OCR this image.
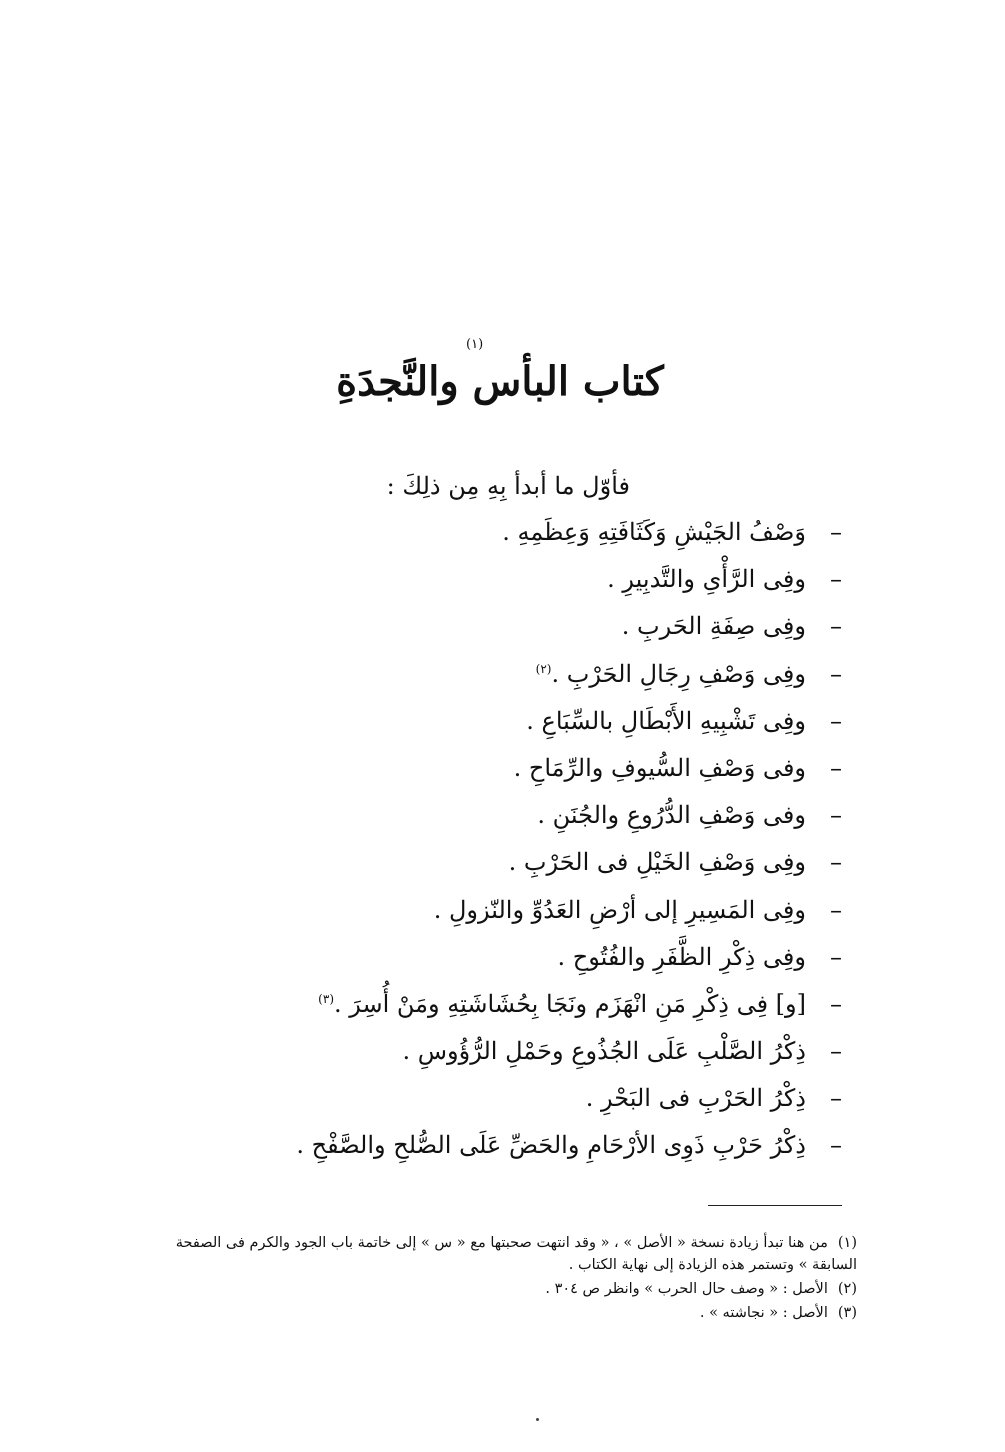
(١)
كتاب البأس والنَّجدَةِ
فأوّل ما أبدأ بِهِ مِن ذلِكَ :
–وَصْفُ الجَيْشِ وَكَثَافَتِهِ وَعِظَمِهِ .
–وفِى الرَّأْىِ والتَّدبِيرِ .
–وفِى صِفَةِ الحَربِ .
–وفِى وَصْفِ رِجَالِ الحَرْبِ .$^{(٢)}$
–وفِى تَشْبِيهِ الأَبْطَالِ بالسِّبَاعِ .
–وفى وَصْفِ السُّيوفِ والرِّمَاحِ .
–وفى وَصْفِ الدُّرُوعِ والجُنَنِ .
–وفِى وَصْفِ الخَيْلِ فى الحَرْبِ .
–وفِى المَسِيرِ إلى أرْضِ العَدُوِّ والنّزولِ .
–وفِى ذِكْرِ الظَّفَرِ والفُتُوحِ .
–[و] فِى ذِكْرِ مَنِ انْهَزَم ونَجَا بِحُشَاشَتِهِ ومَنْ أُسِرَ .$^{(٣)}$
–ذِكْرُ الصَّلْبِ عَلَى الجُذُوعِ وحَمْلِ الرُّؤُوسِ .
–ذِكْرُ الحَرْبِ فى البَحْرِ .
–ذِكْرُ حَرْبِ ذَوِى الأرْحَامِ والحَضِّ عَلَى الصُّلحِ والصَّفْحِ .

(١)من هنا تبدأ زيادة نسخة « الأصل » ، « وقد انتهت صحبتها مع « س » إلى خاتمة باب الجود والكرم فى الصفحة السابقة » وتستمر هذه الزيادة إلى نهاية الكتاب .

(٢)الأصل : « وصف حال الحرب » وانظر ص ٣٠٤ .

(٣)الأصل : « نجاشته » .
